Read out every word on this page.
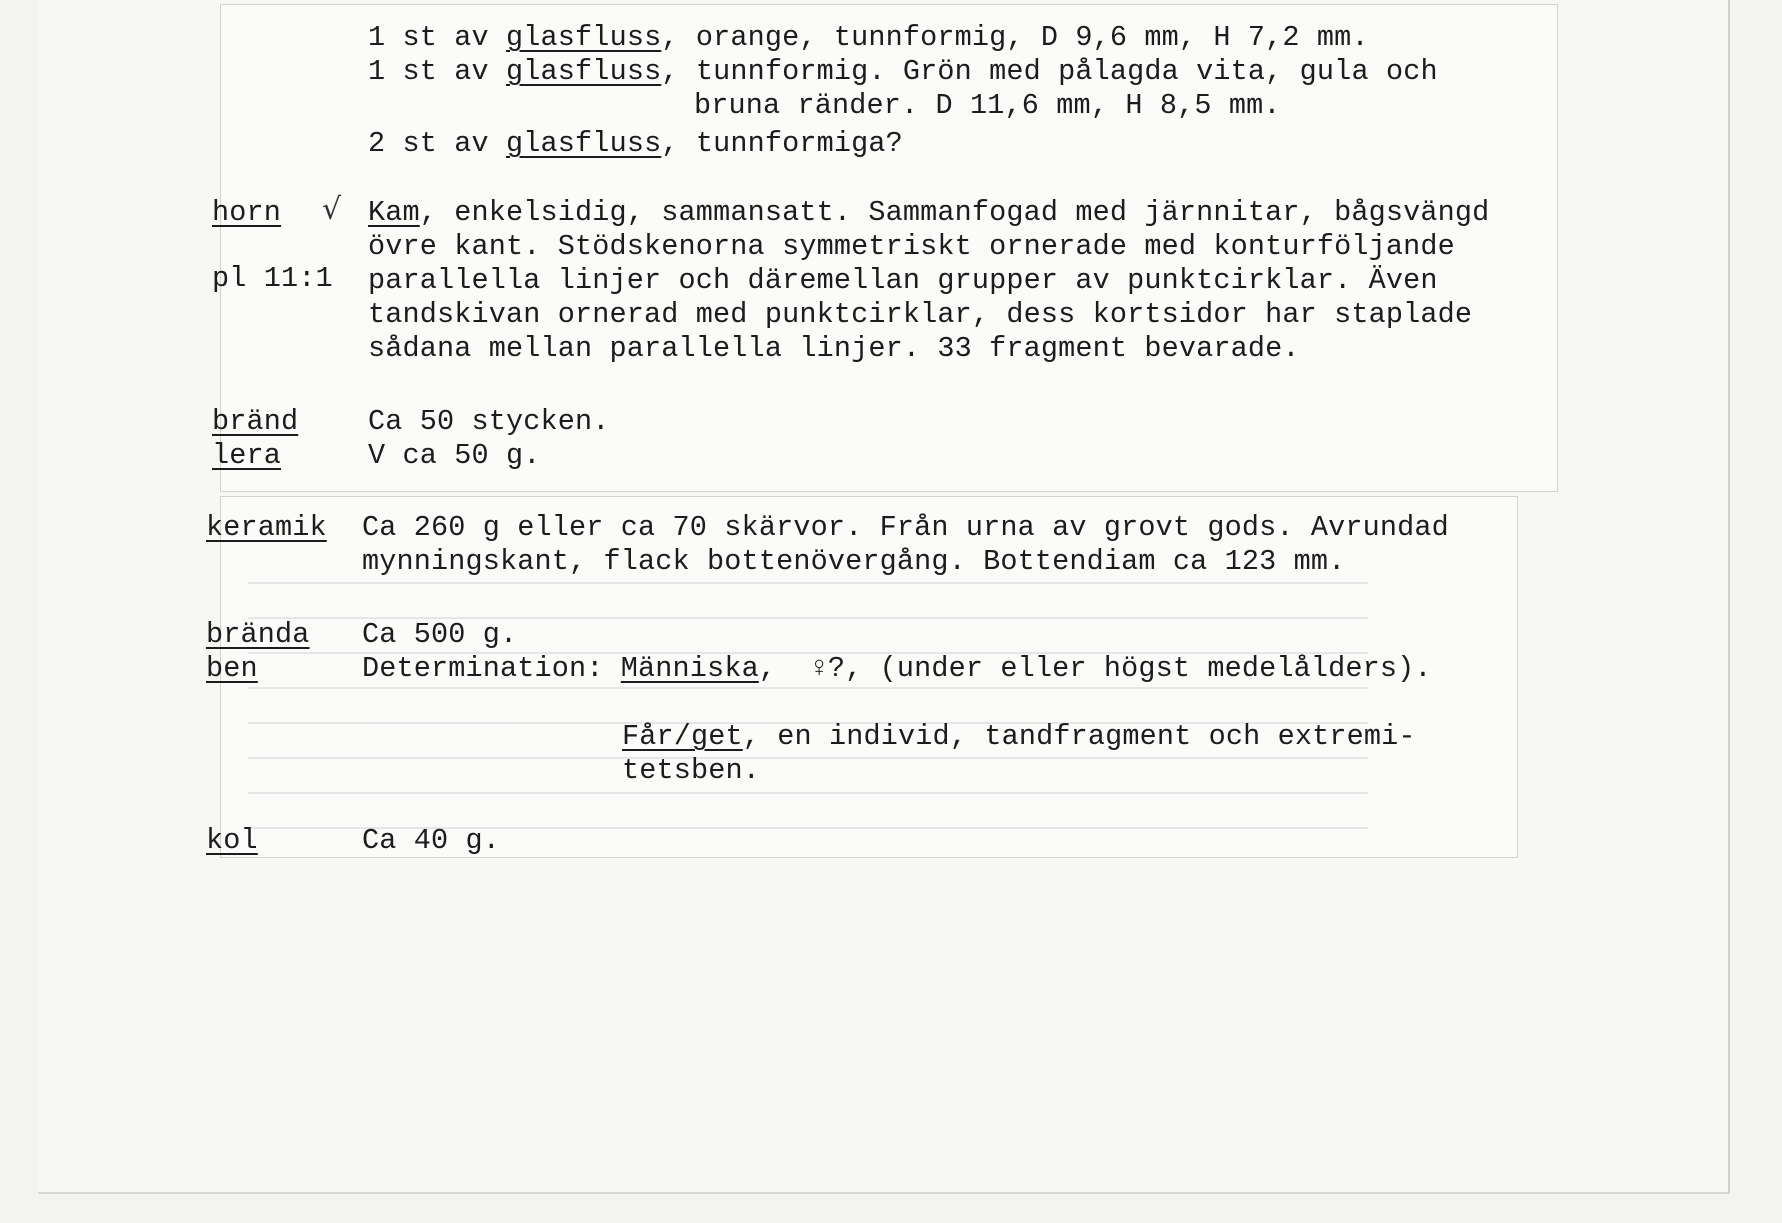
1 st av glasfluss, orange, tunnformig, D 9,6 mm, H 7,2 mm.
1 st av glasfluss, tunnformig. Grön med pålagda vita, gula och
bruna ränder. D 11,6 mm, H 8,5 mm.
2 st av glasfluss, tunnformiga?
horn √
pl 11:1
Kam, enkelsidig, sammansatt. Sammanfogad med järnnitar, bågsvängd
övre kant. Stödskenorna symmetriskt ornerade med konturföljande
parallella linjer och däremellan grupper av punktcirklar. Även
tandskivan ornerad med punktcirklar, dess kortsidor har staplade
sådana mellan parallella linjer. 33 fragment bevarade.
bränd
lera
Ca 50 stycken.
V ca 50 g.
keramik Ca 260 g eller ca 70 skärvor. Från urna av grovt gods. Avrundad
mynningskant, flack bottenövergång. Bottendiam ca 123 mm.
brända
ben
Ca 500 g.
Determination: Människa,  ♀?, (under eller högst medelålders).
Får/get, en individ, tandfragment och extremi-
tetsben.
kol	Ca 40 g.
